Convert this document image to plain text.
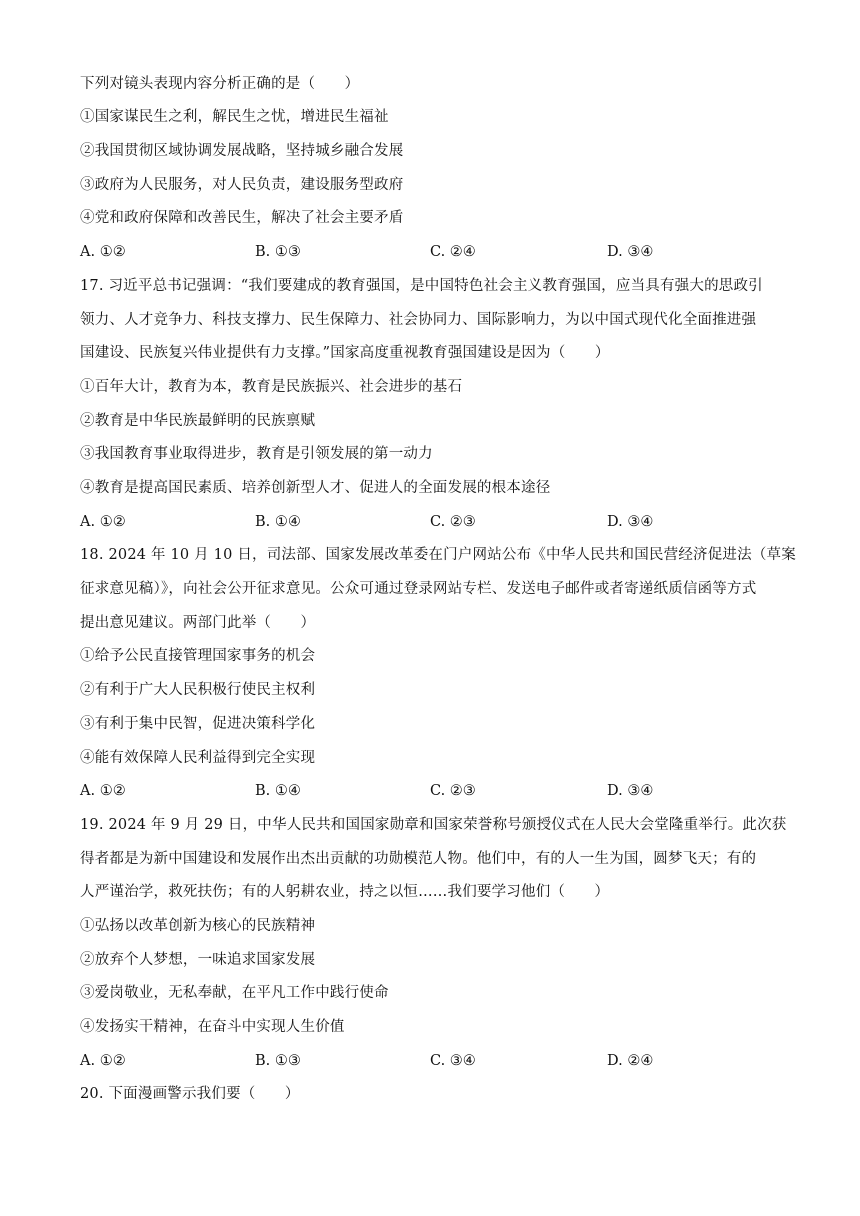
下列对镜头表现内容分析正确的是（　　）
①国家谋民生之利，解民生之忧，增进民生福祉
②我国贯彻区域协调发展战略，坚持城乡融合发展
③政府为人民服务，对人民负责，建设服务型政府
④党和政府保障和改善民生，解决了社会主要矛盾
A. ①②	B. ①③	C. ②④	D. ③④
17. 习近平总书记强调：“我们要建成的教育强国，是中国特色社会主义教育强国，应当具有强大的思政引
领力、人才竞争力、科技支撑力、民生保障力、社会协同力、国际影响力，为以中国式现代化全面推进强
国建设、民族复兴伟业提供有力支撑。”国家高度重视教育强国建设是因为（　　）
①百年大计，教育为本，教育是民族振兴、社会进步的基石
②教育是中华民族最鲜明的民族禀赋
③我国教育事业取得进步，教育是引领发展的第一动力
④教育是提高国民素质、培养创新型人才、促进人的全面发展的根本途径
A. ①②	B. ①④	C. ②③	D. ③④
18. 2024 年 10 月 10 日，司法部、国家发展改革委在门户网站公布《中华人民共和国民营经济促进法（草案
征求意见稿）》，向社会公开征求意见。公众可通过登录网站专栏、发送电子邮件或者寄递纸质信函等方式
提出意见建议。两部门此举（　　）
①给予公民直接管理国家事务的机会
②有利于广大人民积极行使民主权利
③有利于集中民智，促进决策科学化
④能有效保障人民利益得到完全实现
A. ①②	B. ①④	C. ②③	D. ③④
19. 2024 年 9 月 29 日，中华人民共和国国家勋章和国家荣誉称号颁授仪式在人民大会堂隆重举行。此次获
得者都是为新中国建设和发展作出杰出贡献的功勋模范人物。他们中，有的人一生为国，圆梦飞天；有的
人严谨治学，救死扶伤；有的人躬耕农业，持之以恒……我们要学习他们（　　）
①弘扬以改革创新为核心的民族精神
②放弃个人梦想，一味追求国家发展
③爱岗敬业，无私奉献，在平凡工作中践行使命
④发扬实干精神，在奋斗中实现人生价值
A. ①②	B. ①③	C. ③④	D. ②④
20. 下面漫画警示我们要（　　）
